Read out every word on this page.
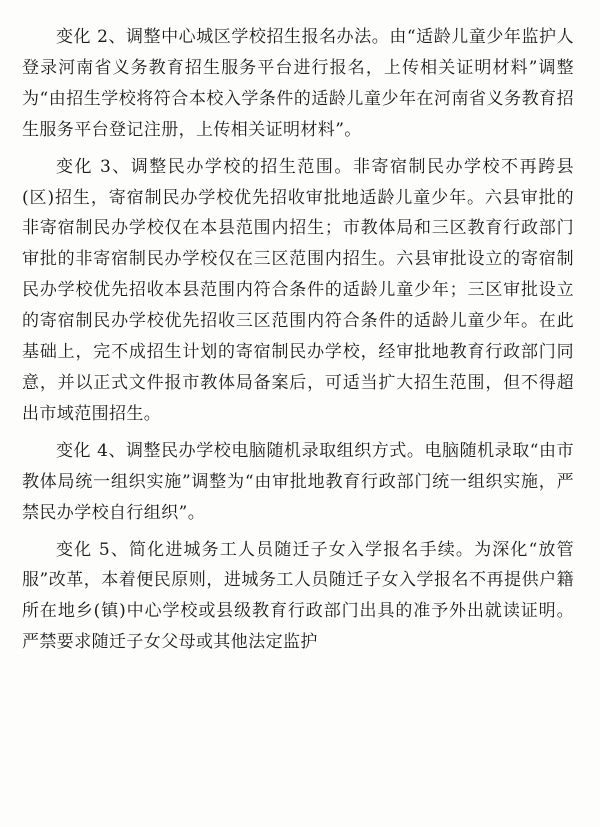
变化 2、调整中心城区学校招生报名办法。由“适龄儿童少年监护人登录河南省义务教育招生服务平台进行报名，上传相关证明材料”调整为“由招生学校将符合本校入学条件的适龄儿童少年在河南省义务教育招生服务平台登记注册，上传相关证明材料”。

变化 3、调整民办学校的招生范围。非寄宿制民办学校不再跨县(区)招生，寄宿制民办学校优先招收审批地适龄儿童少年。六县审批的非寄宿制民办学校仅在本县范围内招生；市教体局和三区教育行政部门审批的非寄宿制民办学校仅在三区范围内招生。六县审批设立的寄宿制民办学校优先招收本县范围内符合条件的适龄儿童少年；三区审批设立的寄宿制民办学校优先招收三区范围内符合条件的适龄儿童少年。在此基础上，完不成招生计划的寄宿制民办学校，经审批地教育行政部门同意，并以正式文件报市教体局备案后，可适当扩大招生范围，但不得超出市域范围招生。

变化 4、调整民办学校电脑随机录取组织方式。电脑随机录取“由市教体局统一组织实施”调整为“由审批地教育行政部门统一组织实施，严禁民办学校自行组织”。

变化 5、简化进城务工人员随迁子女入学报名手续。为深化“放管服”改革，本着便民原则，进城务工人员随迁子女入学报名不再提供户籍所在地乡(镇)中心学校或县级教育行政部门出具的准予外出就读证明。严禁要求随迁子女父母或其他法定监护
